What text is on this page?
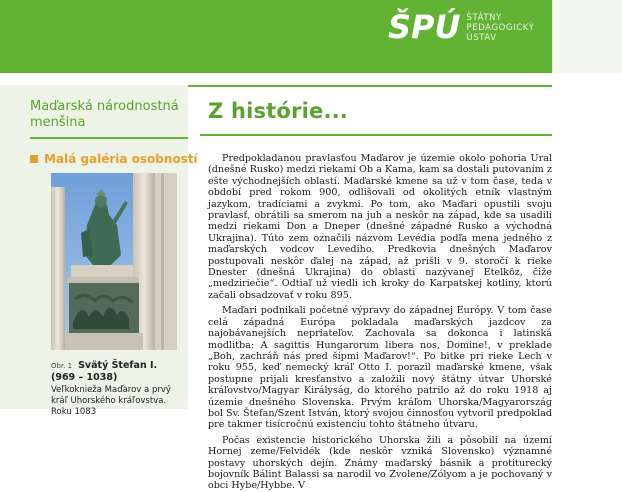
ŠPÚ ŠTÁTNY
PEDAGOGICKÝ
ÚSTAV
Maďarská národnostná menšina
Malá galéria osobností
Obr. 1 Svätý Štefan I.
(969 – 1038)
Veľkokniežа Maďarov a prvý kráľ Uhorského kráľovstva. Roku 1083
Z histórie...

Predpokladanou pravlasťou Maďarov je územie okolo pohoria Ural (dnešné Rusko) medzi riekami Ob a Kama, kam sa dostali putovaním z ešte východnejších oblastí. Maďarské kmene sa už v tom čase, teda v období pred rokom 900, odlišovali od okolitých etník vlastným jazykom, tradíciami a zvykmi. Po tom, ako Maďari opustili svoju pravlasť, obrátili sa smerom na juh a neskôr na západ, kde sa usadili medzi riekami Don a Dneper (dnešné západné Rusko a východná Ukrajina). Túto zem označili názvom Levédia podľa mena jedného z maďarských vodcov Levediho. Predkovia dnešných Maďarov postupovali neskôr ďalej na západ, až prišli v 9. storočí k rieke Dnester (dnešná Ukrajina) do oblasti nazývanej Etelköz, čiže „medziriečie“. Odtiaľ už viedli ich kroky do Karpatskej kotliny, ktorú začali obsadzovať v roku 895.

Maďari podnikali početné výpravy do západnej Európy. V tom čase celá západná Európa pokladala maďarských jazdcov za najobávanejších nepriateľov. Zachovala sa dokonca i latinská modlitba: A sagittis Hungarorum libera nos, Domine!, v preklade „Boh, zachráň nás pred šípmi Maďarov!“. Po bitke pri rieke Lech v roku 955, keď nemecký kráľ Otto I. porazil maďarské kmene, však postupne prijali kresťanstvo a založili nový štátny útvar Uhorské kráľovstvo/Magyar Királyság, do ktorého patrilo až do roku 1918 aj územie dnešného Slovenska. Prvým kráľom Uhorska/Magyarország bol Sv. Štefan/Szent István, ktorý svojou činnosťou vytvoril predpoklad pre takmer tisícročnú existenciu tohto štátneho útvaru.

Počas existencie historického Uhorska žili a pôsobili na území Hornej zeme/Felvidék (kde neskôr vzniká Slovensko) významné postavy uhorských dejín. Známy maďarský básnik a protiturecký bojovník Bálint Balassi sa narodil vo Zvolene/Zólyom a je pochovaný v obci Hybe/Hybbe. V
